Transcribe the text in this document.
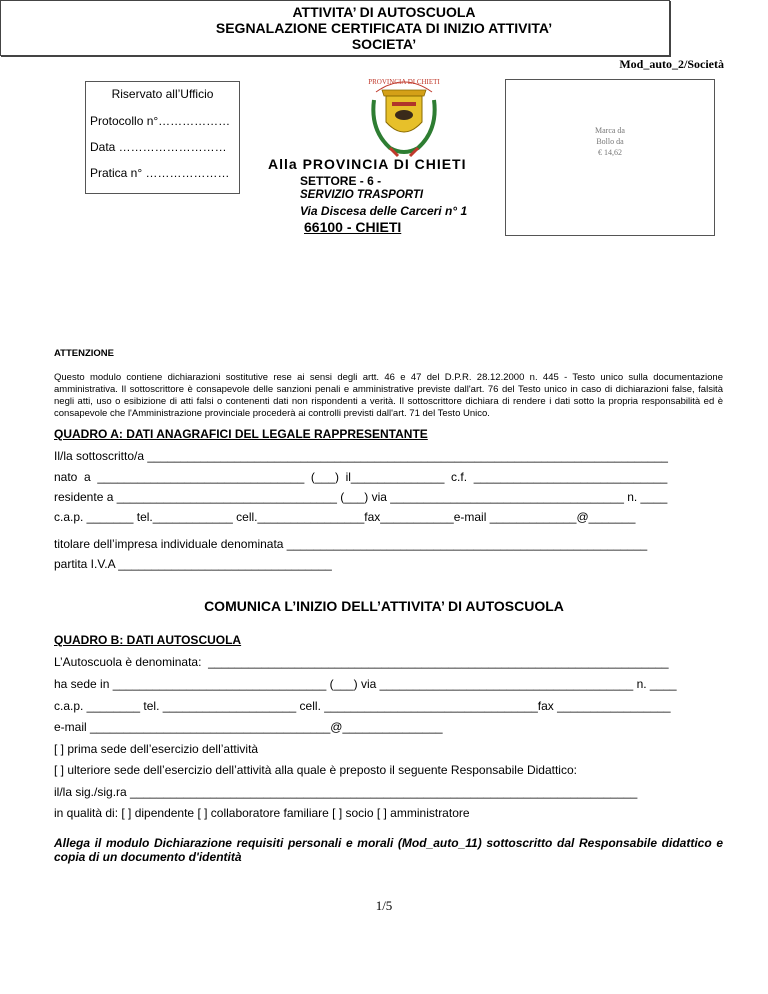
Mod_auto_2/Società
Riservato all’Ufficio
Protocollo n°………………
Data ………………………
Pratica n° …………………
PROVINCIA DI CHIETI
Alla PROVINCIA DI CHIETI
SETTORE - 6 -
SERVIZIO TRASPORTI
Via Discesa delle Carceri n° 1
66100 - CHIETI
Marca da
Bollo da
€ 14,62
ATTIVITA’ DI AUTOSCUOLA
SEGNALAZIONE CERTIFICATA DI INIZIO ATTIVITA’
SOCIETA’
ATTENZIONE
Questo modulo contiene dichiarazioni sostitutive rese ai sensi degli artt. 46 e 47 del D.P.R. 28.12.2000 n. 445 - Testo unico sulla documentazione amministrativa. Il sottoscrittore è consapevole delle sanzioni penali e amministrative previste dall'art. 76 del Testo unico in caso di dichiarazioni false, falsità negli atti, uso o esibizione di atti falsi o contenenti dati non rispondenti a verità. Il sottoscrittore dichiara di rendere i dati sotto la propria responsabilità ed è consapevole che l'Amministrazione provinciale procederà ai controlli previsti dall'art. 71 del Testo Unico.
QUADRO A: DATI ANAGRAFICI DEL LEGALE RAPPRESENTANTE
Il/la sottoscritto/a ______________________________________________________________________________
nato  a  _______________________________  (___)  il______________  c.f.  _____________________________
residente a _________________________________ (___) via ___________________________________ n. ____
c.a.p. _______ tel.____________ cell.________________fax___________e-mail _____________@_______
titolare dell’impresa individuale denominata ______________________________________________________
partita I.V.A ________________________________
COMUNICA L’INIZIO DELL’ATTIVITA’ DI AUTOSCUOLA
QUADRO B: DATI AUTOSCUOLA
L’Autoscuola è denominata:  _____________________________________________________________________
ha sede in ________________________________ (___) via ______________________________________ n. ____
c.a.p. ________ tel. ____________________ cell. ________________________________fax _________________
e-mail ____________________________________@_______________
[ ] prima sede dell’esercizio dell’attività
[ ] ulteriore sede dell’esercizio dell’attività alla quale è preposto il seguente Responsabile Didattico:
il/la sig./sig.ra ____________________________________________________________________________
in qualità di: [ ] dipendente [ ] collaboratore familiare [ ] socio [ ] amministratore
Allega il modulo Dichiarazione requisiti personali e morali (Mod_auto_11) sottoscritto dal Responsabile didattico e copia di un documento d'identità
1/5
